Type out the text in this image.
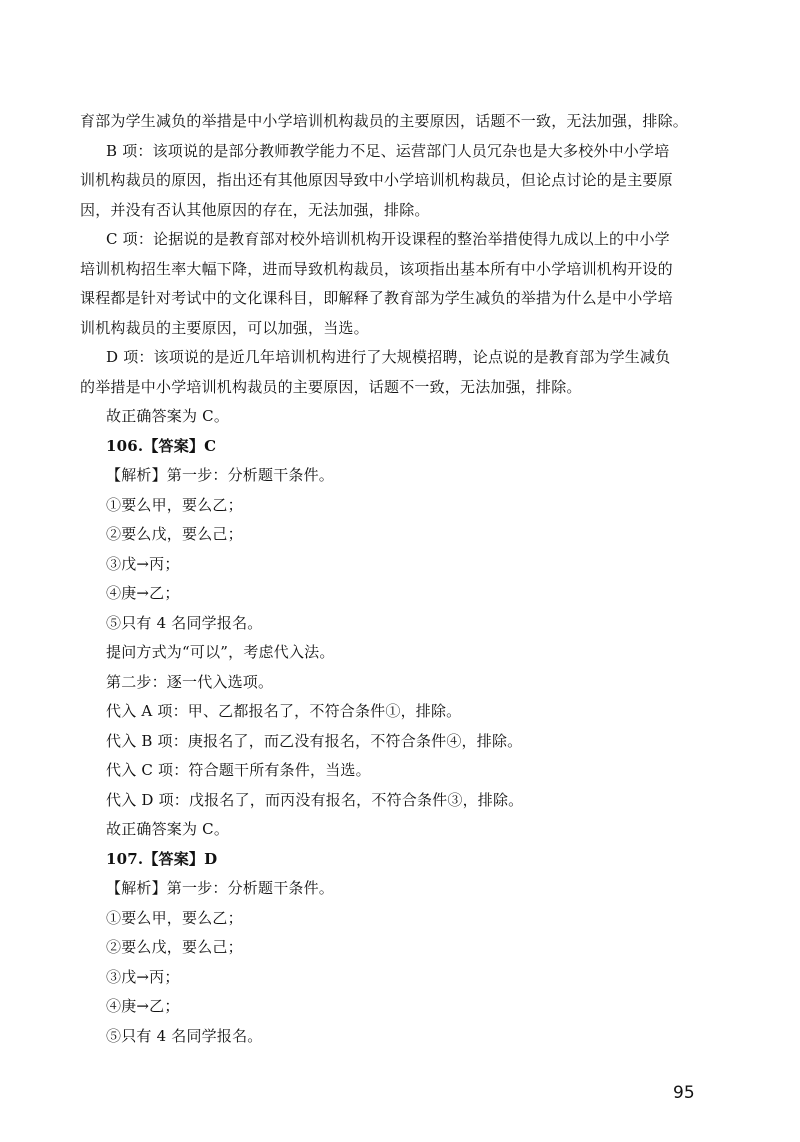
育部为学生减负的举措是中小学培训机构裁员的主要原因，话题不一致，无法加强，排除。
B 项：该项说的是部分教师教学能力不足、运营部门人员冗杂也是大多校外中小学培
训机构裁员的原因，指出还有其他原因导致中小学培训机构裁员，但论点讨论的是主要原
因，并没有否认其他原因的存在，无法加强，排除。
C 项：论据说的是教育部对校外培训机构开设课程的整治举措使得九成以上的中小学
培训机构招生率大幅下降，进而导致机构裁员，该项指出基本所有中小学培训机构开设的
课程都是针对考试中的文化课科目，即解释了教育部为学生减负的举措为什么是中小学培
训机构裁员的主要原因，可以加强，当选。
D 项：该项说的是近几年培训机构进行了大规模招聘，论点说的是教育部为学生减负
的举措是中小学培训机构裁员的主要原因，话题不一致，无法加强，排除。
故正确答案为 C。
106.【答案】C
【解析】第一步：分析题干条件。
①要么甲，要么乙；
②要么戊，要么己；
③戊→丙；
④庚→乙；
⑤只有 4 名同学报名。
提问方式为“可以”，考虑代入法。
第二步：逐一代入选项。
代入 A 项：甲、乙都报名了，不符合条件①，排除。
代入 B 项：庚报名了，而乙没有报名，不符合条件④，排除。
代入 C 项：符合题干所有条件，当选。
代入 D 项：戊报名了，而丙没有报名，不符合条件③，排除。
故正确答案为 C。
107.【答案】D
【解析】第一步：分析题干条件。
①要么甲，要么乙；
②要么戊，要么己；
③戊→丙；
④庚→乙；
⑤只有 4 名同学报名。
95
